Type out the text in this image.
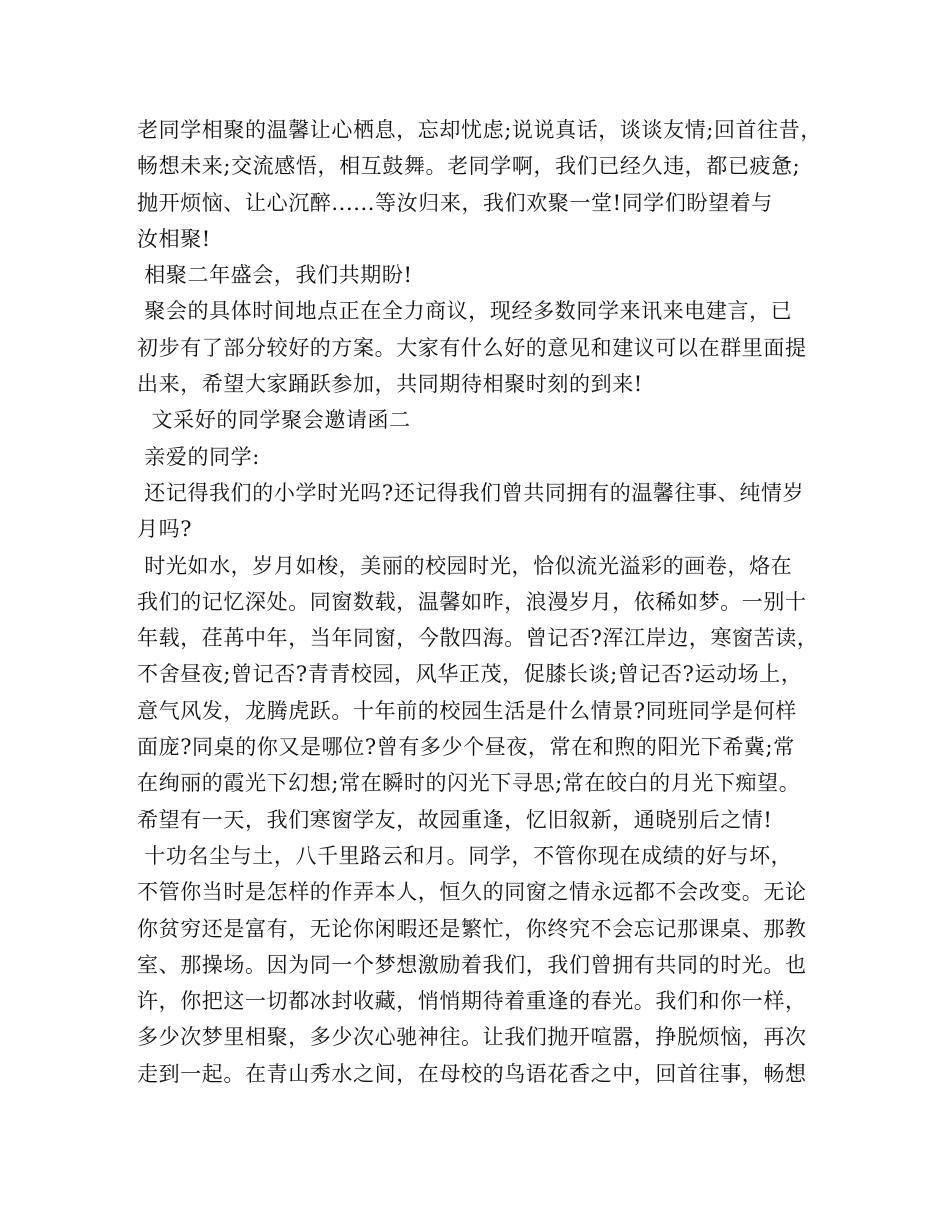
老同学相聚的温馨让心栖息，忘却忧虑;说说真话，谈谈友情;回首往昔，
畅想未来;交流感悟，相互鼓舞。老同学啊，我们已经久违，都已疲惫;
抛开烦恼、让心沉醉......等汝归来，我们欢聚一堂!同学们盼望着与
汝相聚!
相聚二年盛会，我们共期盼!
聚会的具体时间地点正在全力商议，现经多数同学来讯来电建言，已
初步有了部分较好的方案。大家有什么好的意见和建议可以在群里面提
出来，希望大家踊跃参加，共同期待相聚时刻的到来!
文采好的同学聚会邀请函二
亲爱的同学:
还记得我们的小学时光吗?还记得我们曾共同拥有的温馨往事、纯情岁
月吗?
时光如水，岁月如梭，美丽的校园时光，恰似流光溢彩的画卷，烙在
我们的记忆深处。同窗数载，温馨如昨，浪漫岁月，依稀如梦。一别十
年载，荏苒中年，当年同窗，今散四海。曾记否?浑江岸边，寒窗苦读，
不舍昼夜;曾记否?青青校园，风华正茂，促膝长谈;曾记否?运动场上，
意气风发，龙腾虎跃。十年前的校园生活是什么情景?同班同学是何样
面庞?同桌的你又是哪位?曾有多少个昼夜，常在和煦的阳光下希冀;常
在绚丽的霞光下幻想;常在瞬时的闪光下寻思;常在皎白的月光下痴望。
希望有一天，我们寒窗学友，故园重逢，忆旧叙新，通晓别后之情!
十功名尘与土，八千里路云和月。同学，不管你现在成绩的好与坏，
不管你当时是怎样的作弄本人，恒久的同窗之情永远都不会改变。无论
你贫穷还是富有，无论你闲暇还是繁忙，你终究不会忘记那课桌、那教
室、那操场。因为同一个梦想激励着我们，我们曾拥有共同的时光。也
许，你把这一切都冰封收藏，悄悄期待着重逢的春光。我们和你一样，
多少次梦里相聚，多少次心驰神往。让我们抛开喧嚣，挣脱烦恼，再次
走到一起。在青山秀水之间，在母校的鸟语花香之中，回首往事，畅想
